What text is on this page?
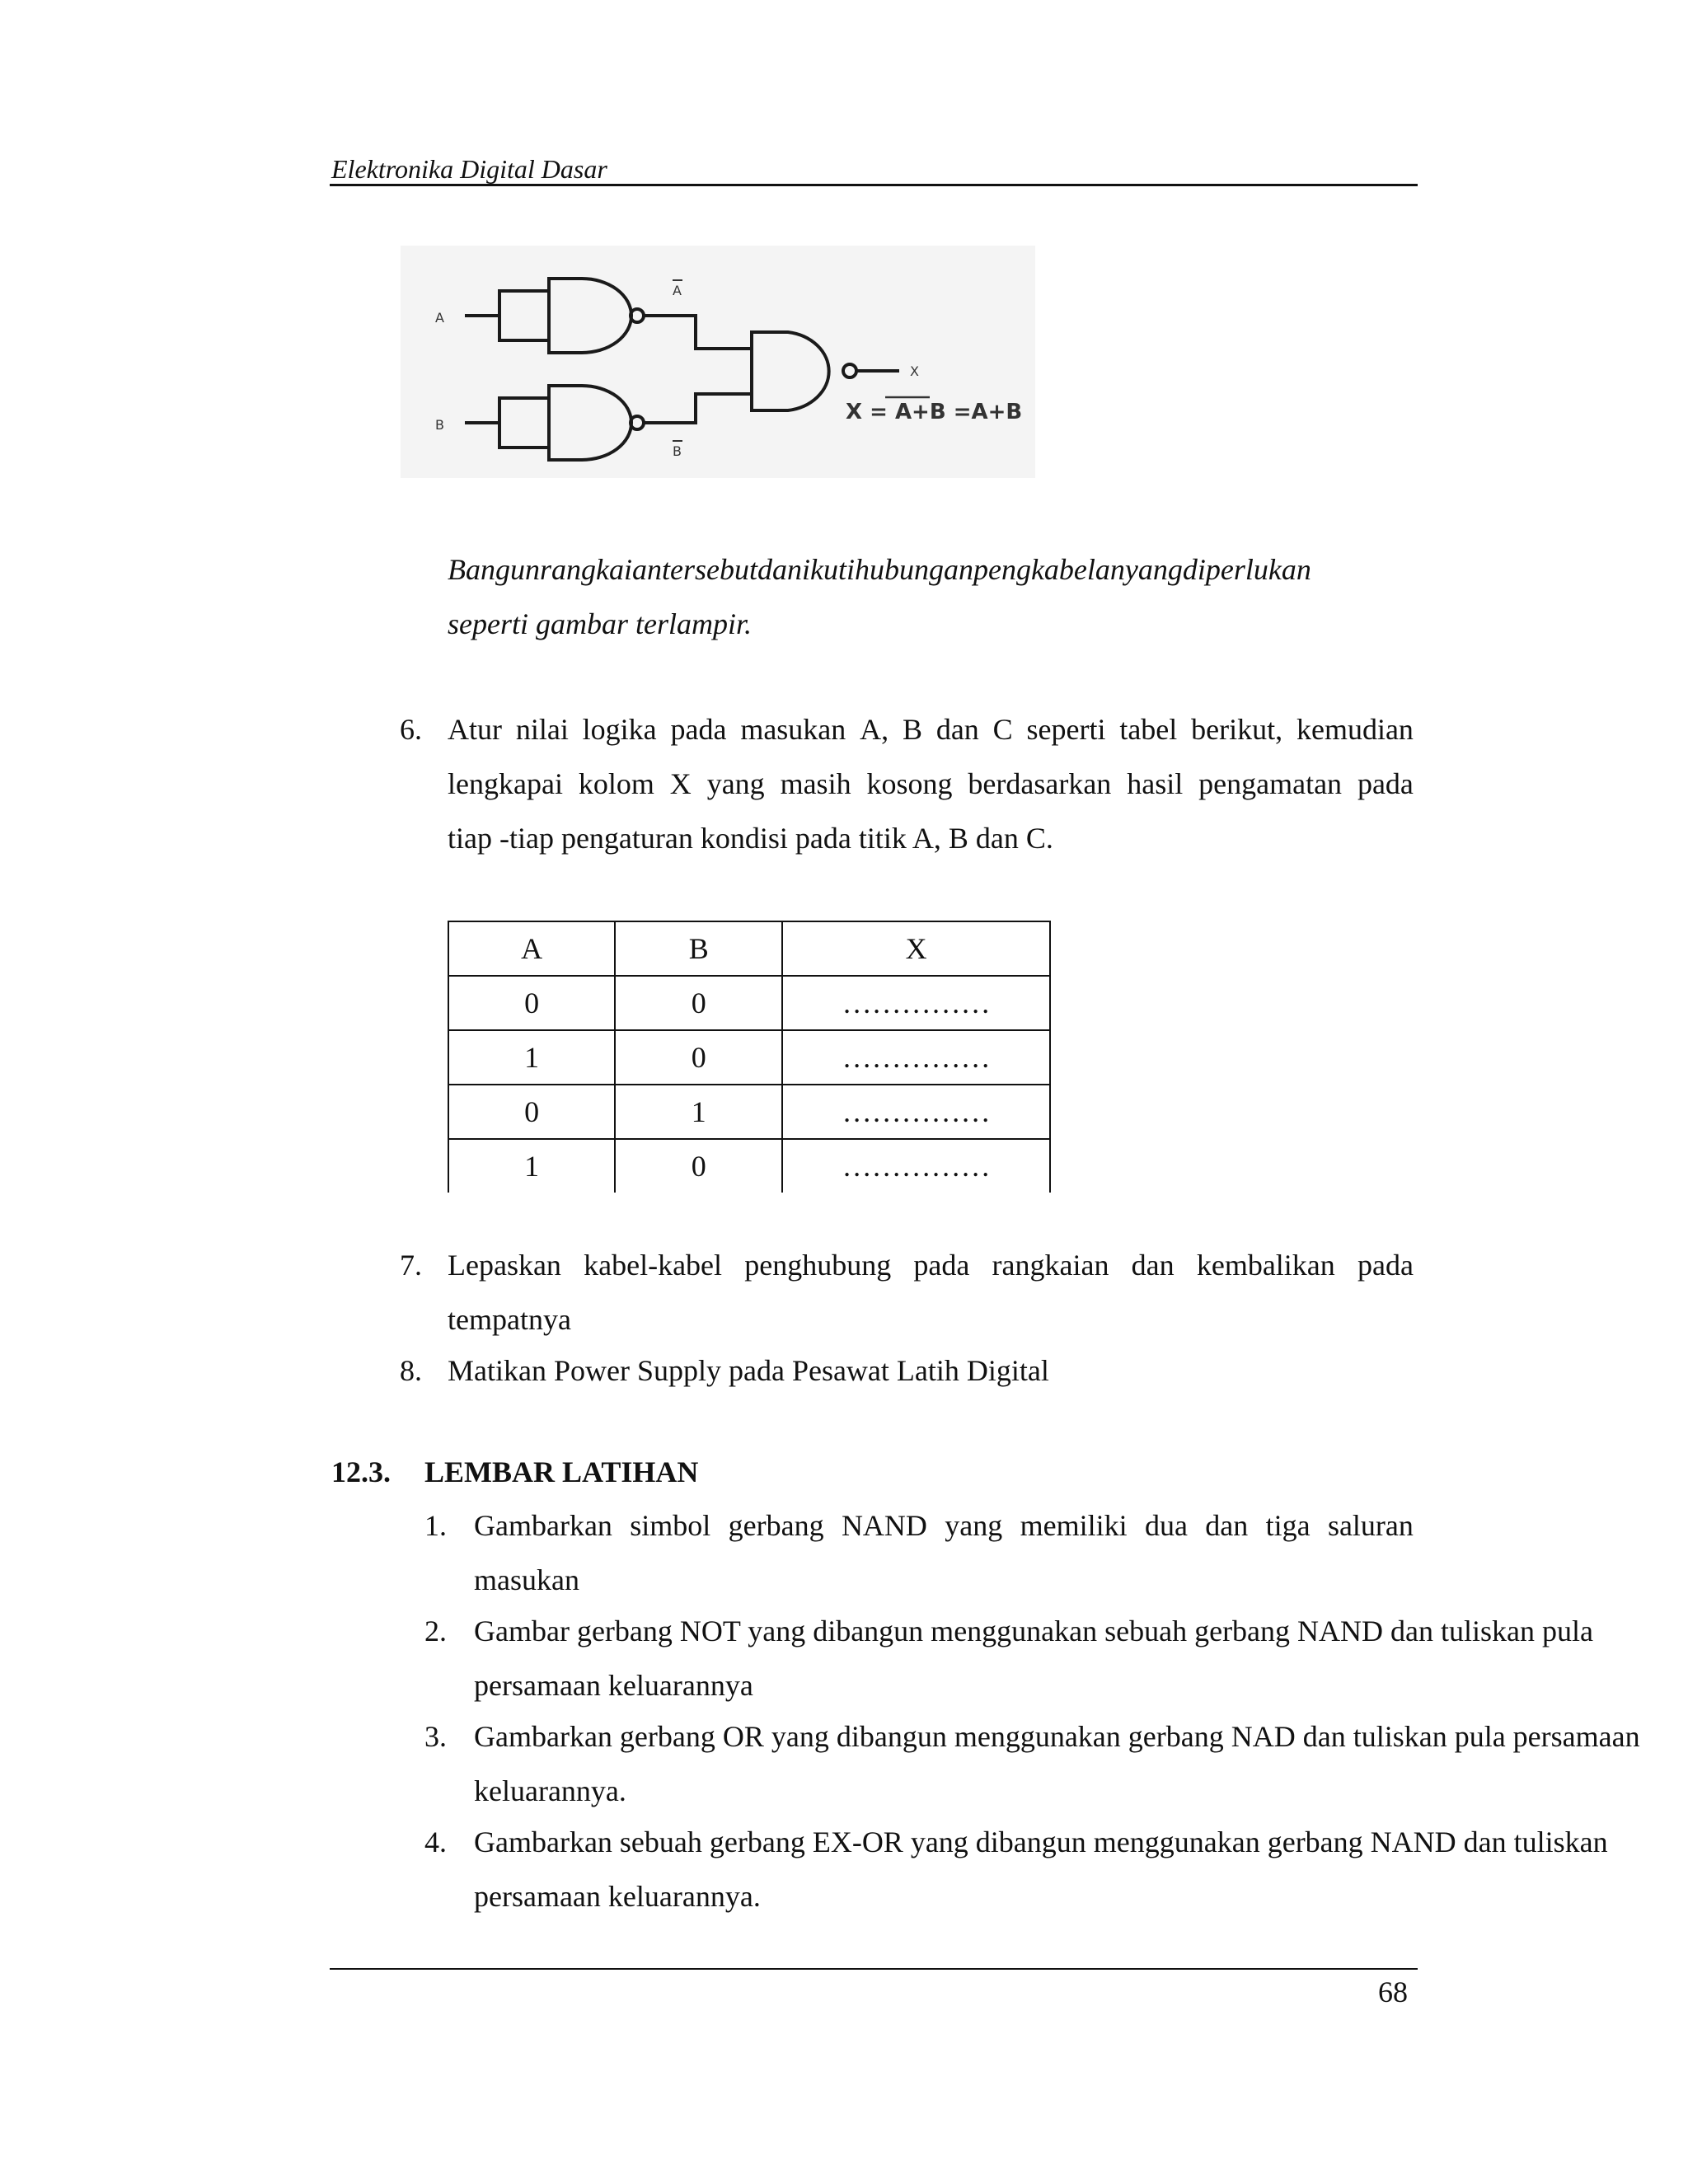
Elektronika Digital Dasar
A
B
A
B
X
X = A+B =A+B
Bangunrangkaiantersebutdanikutihubunganpengkabelanyangdiperlukan
seperti gambar terlampir.
6. Atur nilai logika pada masukan A, B dan C seperti tabel berikut, kemudian
lengkapai kolom X yang masih kosong berdasarkan hasil pengamatan pada
tiap -tiap pengaturan kondisi pada titik A, B dan C.
A	B	X
0	0	……………
1	0	……………
0	1	……………
1	0	……………
7. Lepaskan kabel-kabel penghubung pada rangkaian dan kembalikan pada
tempatnya
8. Matikan Power Supply pada Pesawat Latih Digital
12.3. LEMBAR LATIHAN
1. Gambarkan simbol gerbang NAND yang memiliki dua dan tiga saluran
masukan
2. Gambar gerbang NOT yang dibangun menggunakan sebuah gerbang NAND dan tuliskan pula persamaan keluarannya
3. Gambarkan gerbang OR yang dibangun menggunakan gerbang NAD dan tuliskan pula persamaan keluarannya.
4. Gambarkan sebuah gerbang EX-OR yang dibangun menggunakan gerbang NAND dan tuliskan persamaan keluarannya.
68
